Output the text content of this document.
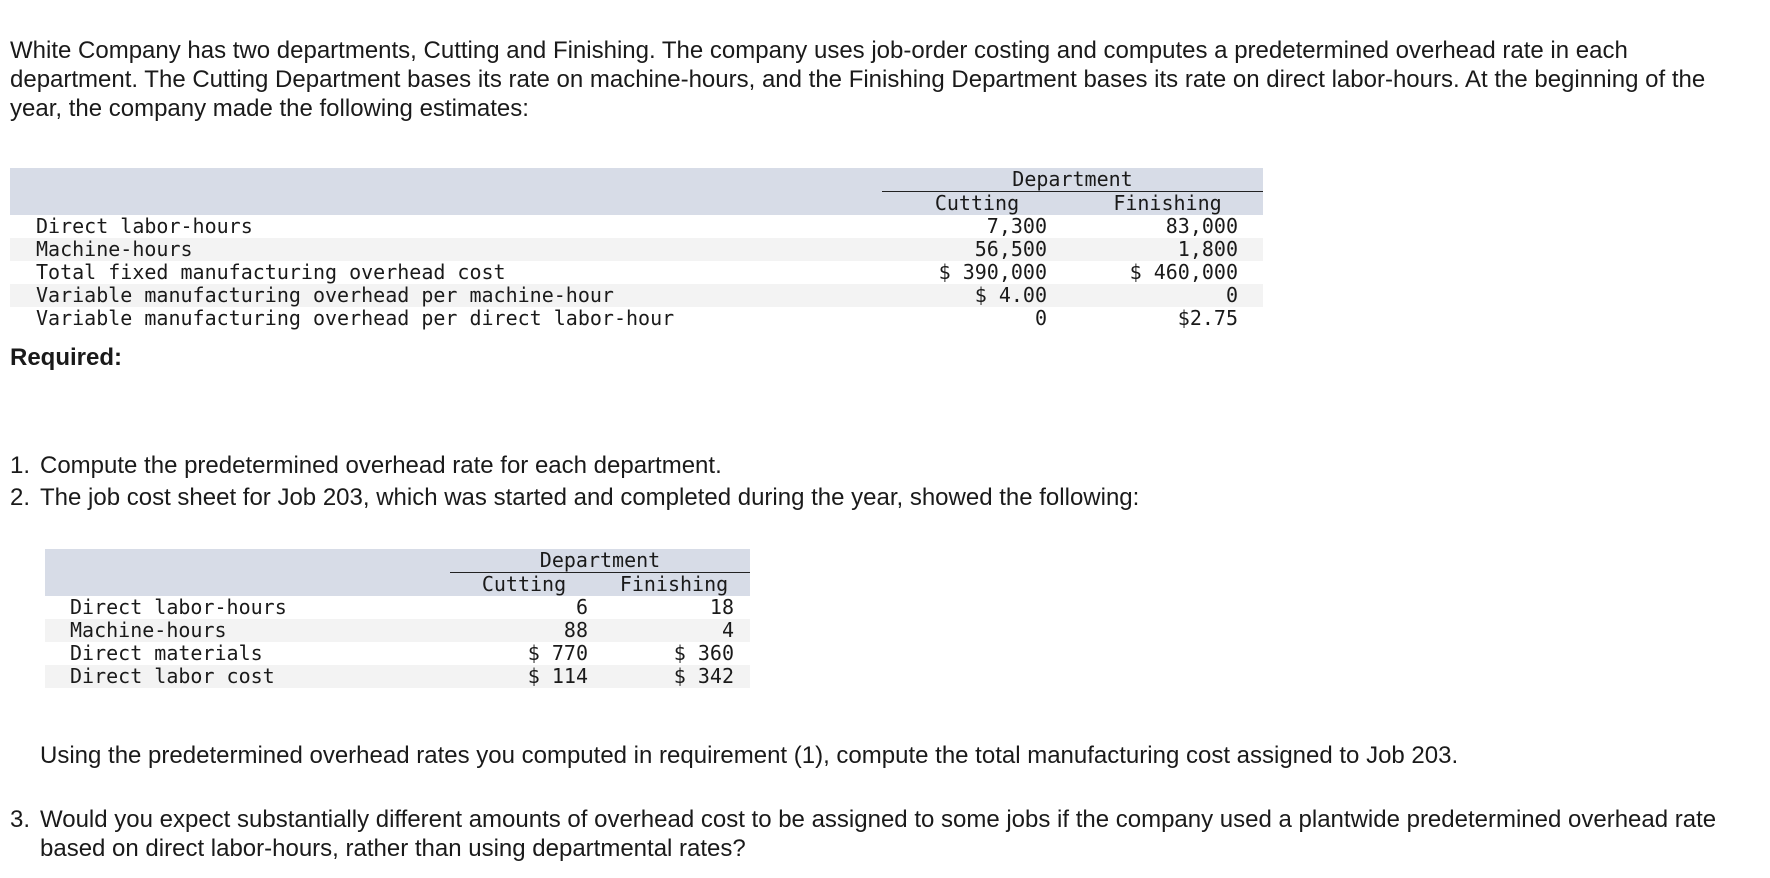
White Company has two departments, Cutting and Finishing. The company uses job-order costing and computes a predetermined overhead rate in each department. The Cutting Department bases its rate on machine-hours, and the Finishing Department bases its rate on direct labor-hours. At the beginning of the year, the company made the following estimates:

	Department			
	Cutting		Finishing	
Direct labor-hours	7,300		83,000	
Machine-hours	56,500		1,800	
Total fixed manufacturing overhead cost	$ 390,000		$ 460,000	
Variable manufacturing overhead per machine-hour	$ 4.00		0	
Variable manufacturing overhead per direct labor-hour	0		$2.75	

Required:

1. Compute the predetermined overhead rate for each department.
2. The job cost sheet for Job 203, which was started and completed during the year, showed the following:
	Department			
	Cutting		Finishing	
Direct labor-hours	6		18	
Machine-hours	88		4	
Direct materials	$ 770		$ 360	
Direct labor cost	$ 114		$ 342	
Using the predetermined overhead rates you computed in requirement (1), compute the total manufacturing cost assigned to Job 203.
3. Would you expect substantially different amounts of overhead cost to be assigned to some jobs if the company used a plantwide predetermined overhead rate based on direct labor-hours, rather than using departmental rates?
